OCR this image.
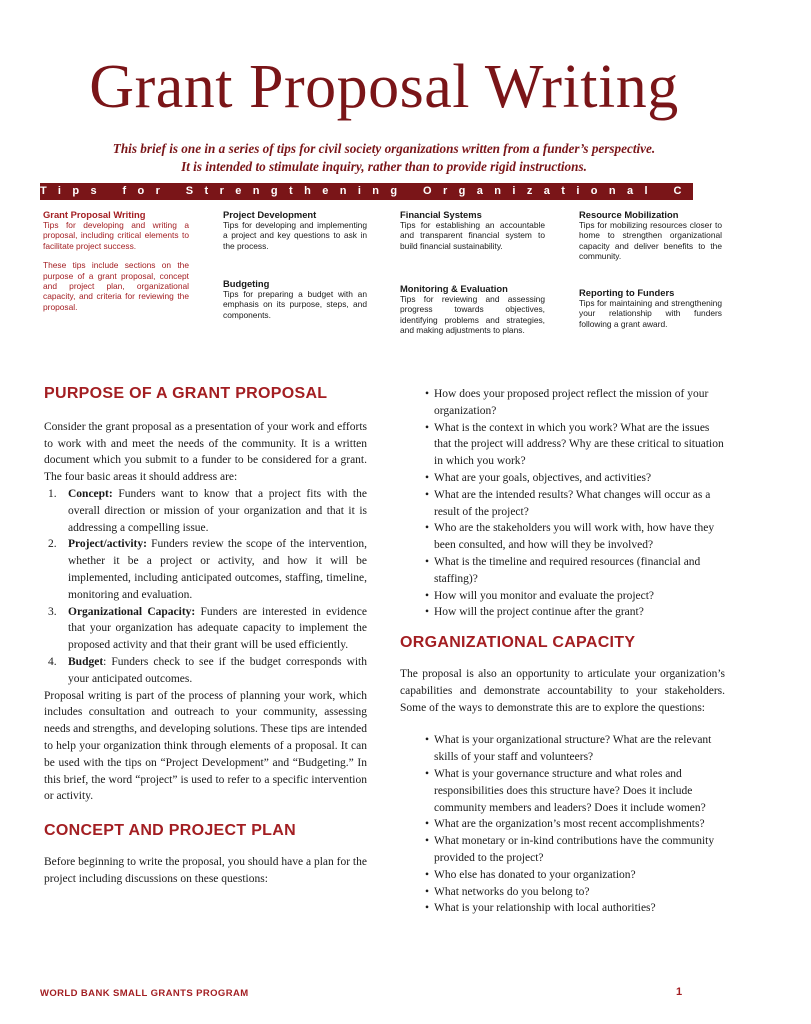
Grant Proposal Writing
This brief is one in a series of tips for civil society organizations written from a funder’s perspective.
It is intended to stimulate inquiry, rather than to provide rigid instructions.
Tips for Strengthening Organizational Capacity
Grant Proposal Writing

Tips for developing and writing a proposal, including critical elements to facilitate project success.

These tips include sections on the purpose of a grant proposal, concept and project plan, organizational capacity, and criteria for reviewing the proposal.

Project Development

Tips for developing and implementing a project and key questions to ask in the process.

Budgeting

Tips for preparing a budget with an emphasis on its purpose, steps, and components.

Financial Systems

Tips for establishing an accountable and transparent financial system to build financial sustainability.

Monitoring & Evaluation

Tips for reviewing and assessing progress towards objectives, identifying problems and strategies, and making adjustments to plans.

Resource Mobilization

Tips for mobilizing resources closer to home to strengthen organizational capacity and deliver benefits to the community.

Reporting to Funders

Tips for maintaining and strengthening your relationship with funders following a grant award.

PURPOSE OF A GRANT PROPOSAL

Consider the grant proposal as a presentation of your work and efforts to work with and meet the needs of the community. It is a written document which you submit to a funder to be considered for a grant. The four basic areas it should address are:

1. Concept: Funders want to know that a project fits with the overall direction or mission of your organization and that it is addressing a compelling issue.
2. Project/activity: Funders review the scope of the intervention, whether it be a project or activity, and how it will be implemented, including anticipated outcomes, staffing, timeline, monitoring and evaluation.
3. Organizational Capacity: Funders are interested in evidence that your organization has adequate capacity to implement the proposed activity and that their grant will be used efficiently.
4. Budget: Funders check to see if the budget corresponds with your anticipated outcomes.

Proposal writing is part of the process of planning your work, which includes consultation and outreach to your community, assessing needs and strengths, and developing solutions. These tips are intended to help your organization think through elements of a proposal. It can be used with the tips on “Project Development” and “Budgeting.” In this brief, the word “project” is used to refer to a specific intervention or activity.

CONCEPT AND PROJECT PLAN

Before beginning to write the proposal, you should have a plan for the project including discussions on these questions:

• How does your proposed project reflect the mission of your organization?
• What is the context in which you work? What are the issues that the project will address? Why are these critical to situation in which you work?
• What are your goals, objectives, and activities?
• What are the intended results? What changes will occur as a result of the project?
• Who are the stakeholders you will work with, how have they been consulted, and how will they be involved?
• What is the timeline and required resources (financial and staffing)?
• How will you monitor and evaluate the project?
• How will the project continue after the grant?
ORGANIZATIONAL CAPACITY

The proposal is also an opportunity to articulate your organization’s capabilities and demonstrate accountability to your stakeholders. Some of the ways to demonstrate this are to explore the questions:

• What is your organizational structure? What are the relevant skills of your staff and volunteers?
• What is your governance structure and what roles and responsibilities does this structure have? Does it include community members and leaders? Does it include women?
• What are the organization’s most recent accomplishments?
• What monetary or in-kind contributions have the community provided to the project?
• Who else has donated to your organization?
• What networks do you belong to?
• What is your relationship with local authorities?
WORLD BANK SMALL GRANTS PROGRAM	1
